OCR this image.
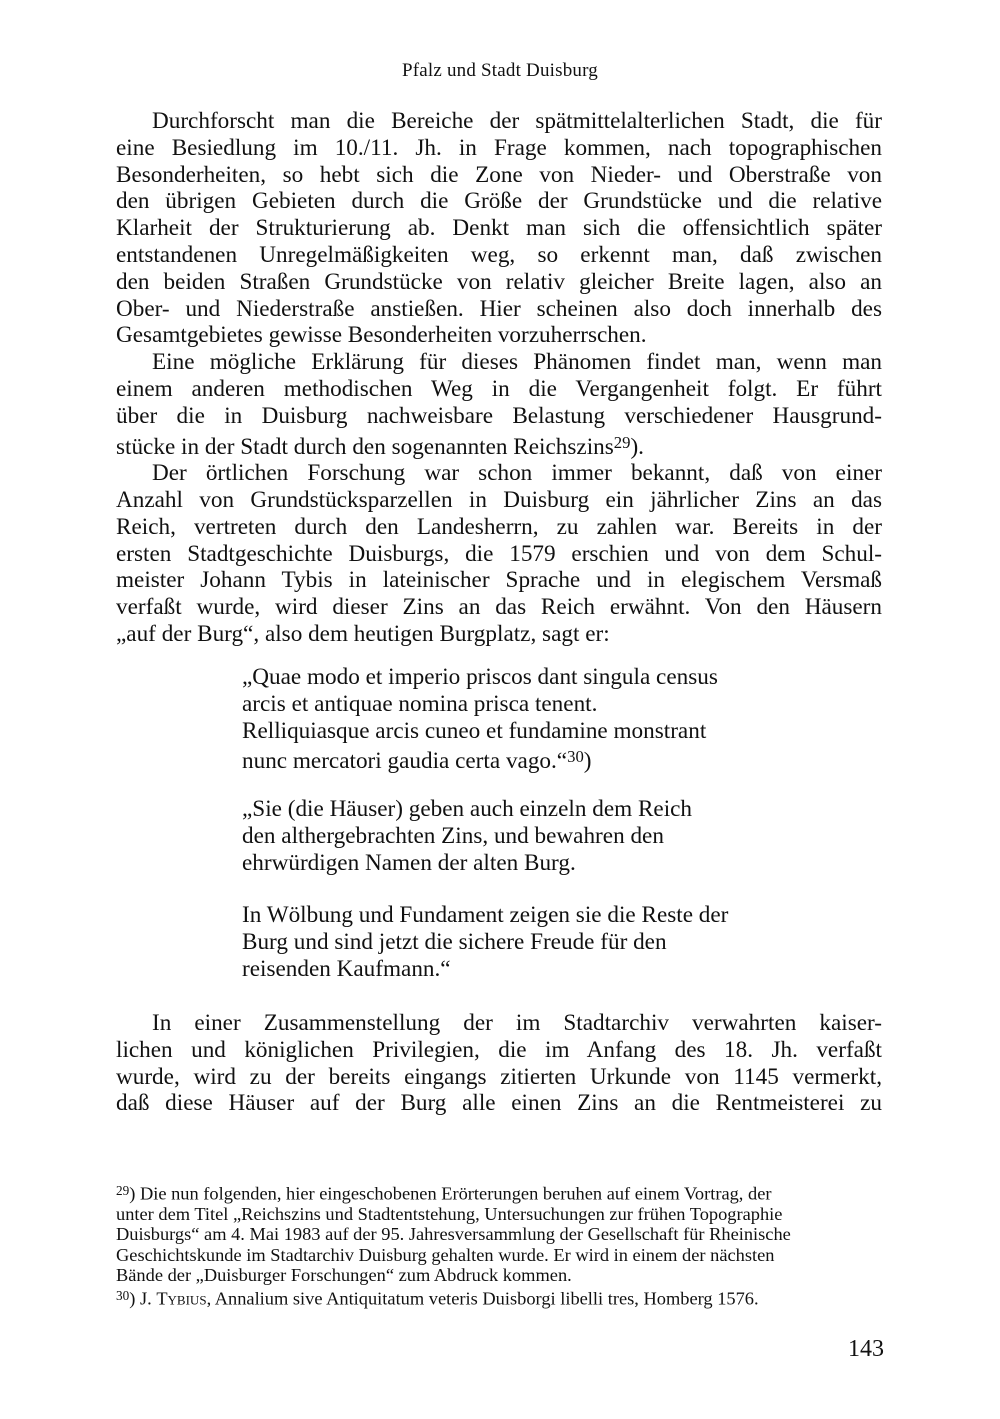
Pfalz und Stadt Duisburg
Durchforscht man die Bereiche der spätmittelalterlichen Stadt, die für
eine Besiedlung im 10./11. Jh. in Frage kommen, nach topographischen
Besonderheiten, so hebt sich die Zone von Nieder- und Oberstraße von
den übrigen Gebieten durch die Größe der Grundstücke und die relative
Klarheit der Strukturierung ab. Denkt man sich die offensichtlich später
entstandenen Unregelmäßigkeiten weg, so erkennt man, daß zwischen
den beiden Straßen Grundstücke von relativ gleicher Breite lagen, also an
Ober- und Niederstraße anstießen. Hier scheinen also doch innerhalb des
Gesamtgebietes gewisse Besonderheiten vorzuherrschen.
Eine mögliche Erklärung für dieses Phänomen findet man, wenn man
einem anderen methodischen Weg in die Vergangenheit folgt. Er führt
über die in Duisburg nachweisbare Belastung verschiedener Hausgrund-
stücke in der Stadt durch den sogenannten Reichszins$^{29}$).
Der örtlichen Forschung war schon immer bekannt, daß von einer
Anzahl von Grundstücksparzellen in Duisburg ein jährlicher Zins an das
Reich, vertreten durch den Landesherrn, zu zahlen war. Bereits in der
ersten Stadtgeschichte Duisburgs, die 1579 erschien und von dem Schul-
meister Johann Tybis in lateinischer Sprache und in elegischem Versmaß
verfaßt wurde, wird dieser Zins an das Reich erwähnt. Von den Häusern
„auf der Burg“, also dem heutigen Burgplatz, sagt er:
„Quae modo et imperio priscos dant singula census
arcis et antiquae nomina prisca tenent.
Relliquiasque arcis cuneo et fundamine monstrant
nunc mercatori gaudia certa vago.“$^{30}$)
„Sie (die Häuser) geben auch einzeln dem Reich
den althergebrachten Zins, und bewahren den
ehrwürdigen Namen der alten Burg.
In Wölbung und Fundament zeigen sie die Reste der
Burg und sind jetzt die sichere Freude für den
reisenden Kaufmann.“
In einer Zusammenstellung der im Stadtarchiv verwahrten kaiser-
lichen und königlichen Privilegien, die im Anfang des 18. Jh. verfaßt
wurde, wird zu der bereits eingangs zitierten Urkunde von 1145 vermerkt,
daß diese Häuser auf der Burg alle einen Zins an die Rentmeisterei zu
$^{29}$) Die nun folgenden, hier eingeschobenen Erörterungen beruhen auf einem Vortrag, der
unter dem Titel „Reichszins und Stadtentstehung, Untersuchungen zur frühen Topographie
Duisburgs“ am 4. Mai 1983 auf der 95. Jahresversammlung der Gesellschaft für Rheinische
Geschichtskunde im Stadtarchiv Duisburg gehalten wurde. Er wird in einem der nächsten
Bände der „Duisburger Forschungen“ zum Abdruck kommen.
$^{30}$) J. Tybius, Annalium sive Antiquitatum veteris Duisborgi libelli tres, Homberg 1576.
143
